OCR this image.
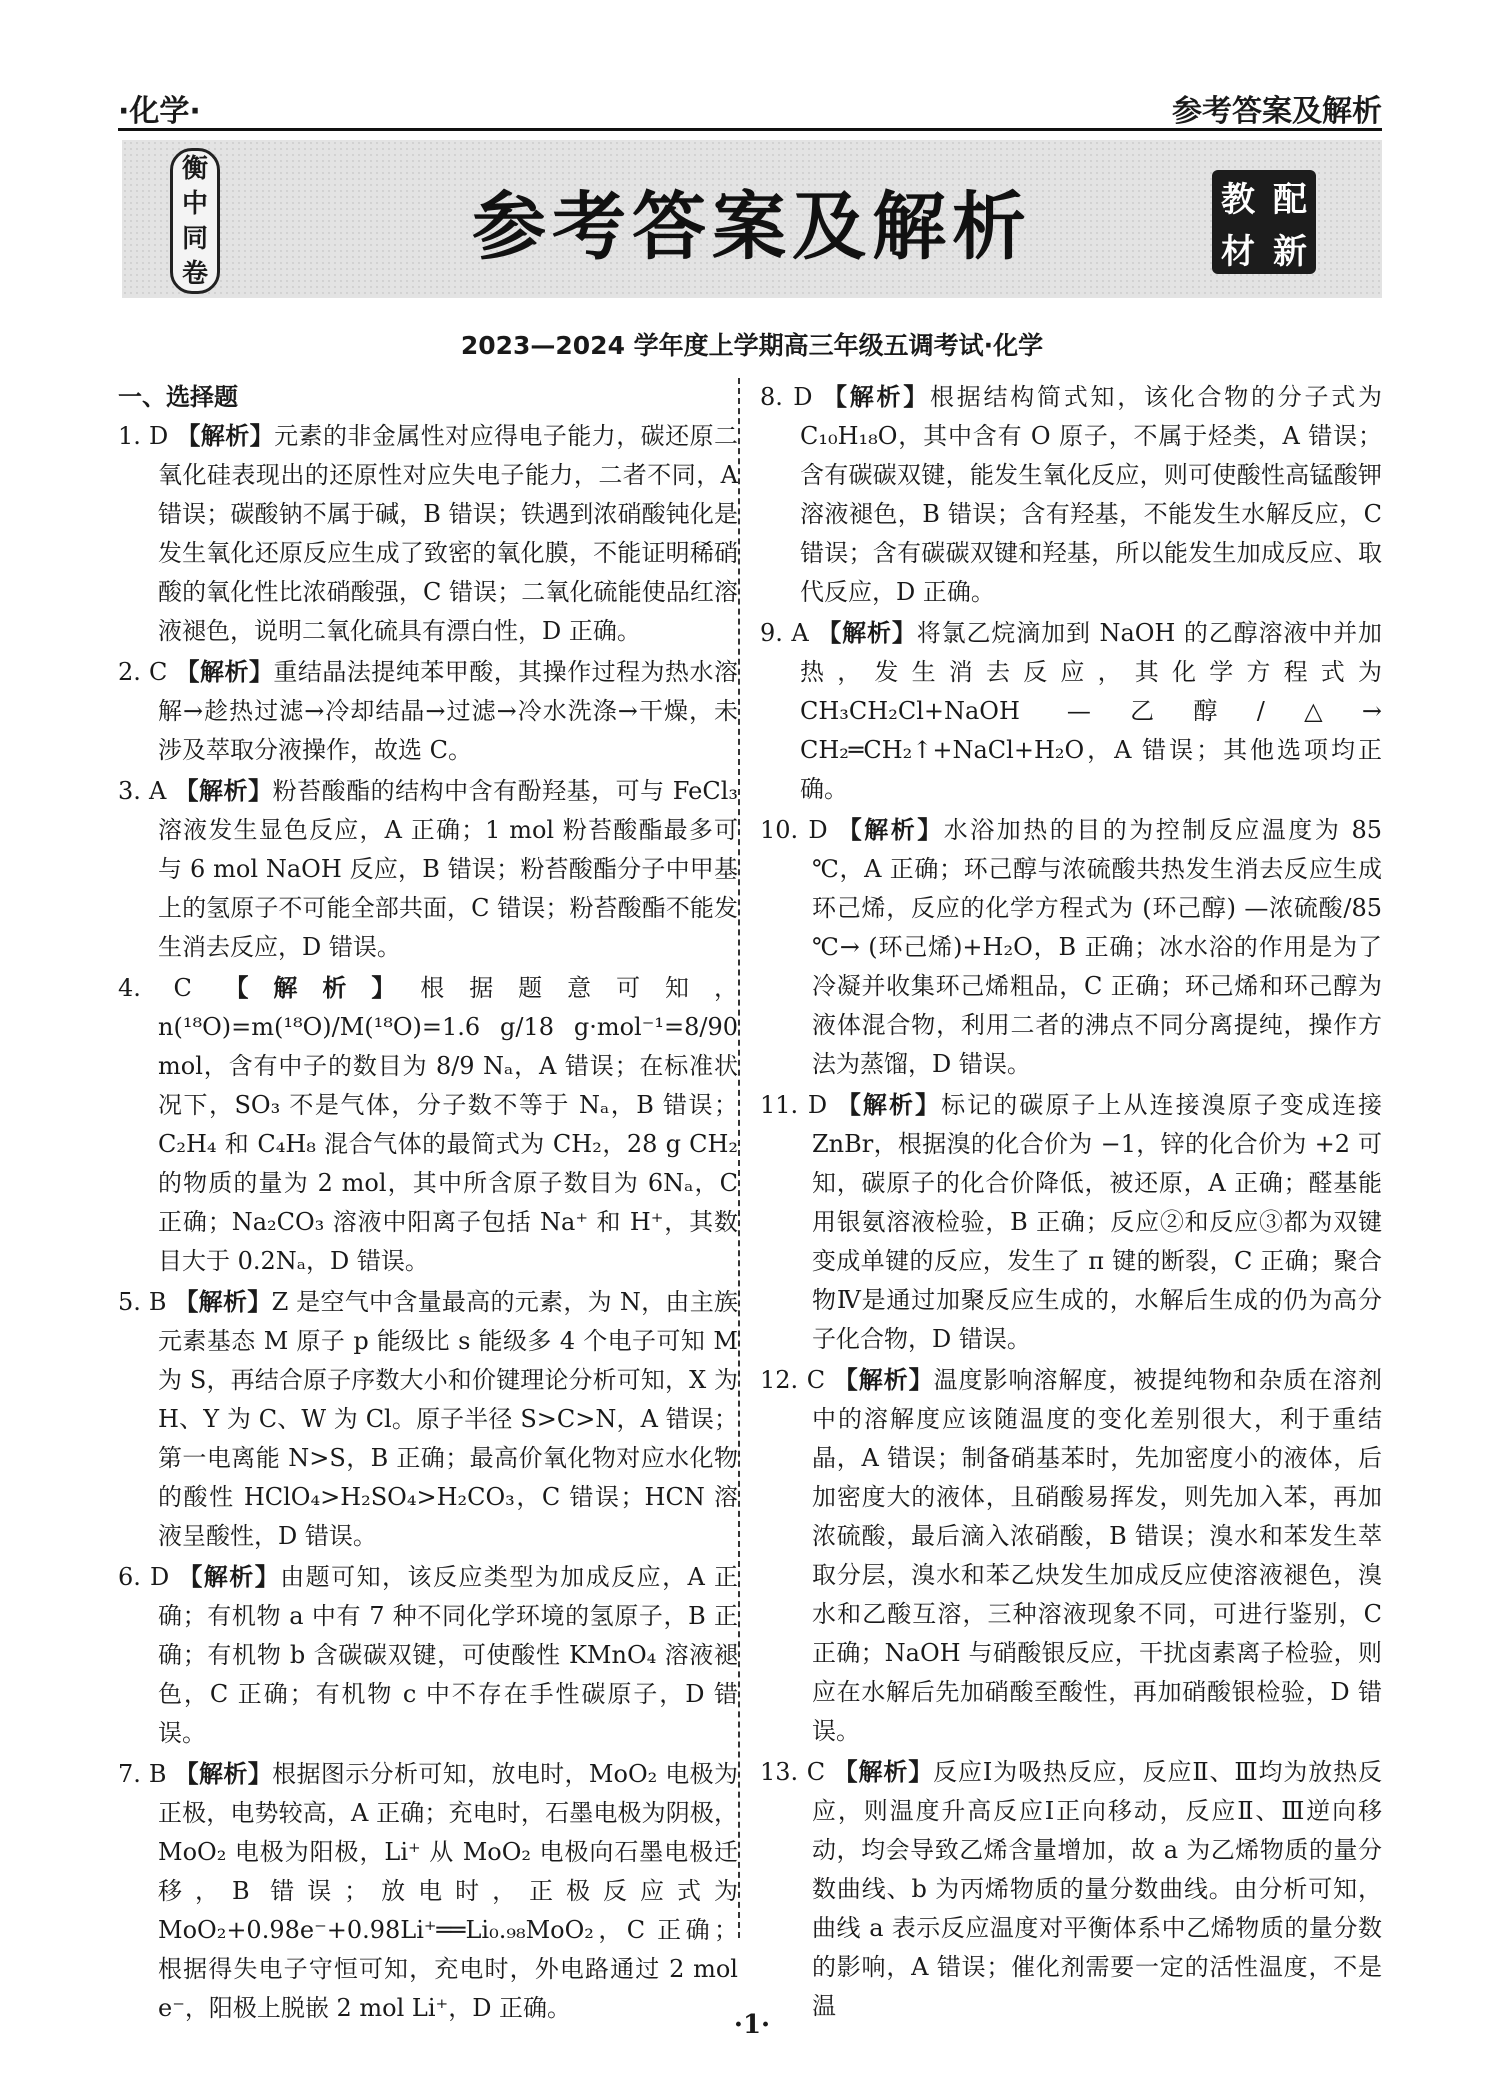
·化学·	参考答案及解析
衡
中
同
卷
参考答案及解析	教 配
材 新
2023—2024 学年度上学期高三年级五调考试·化学

一、选择题

1. D 【解析】元素的非金属性对应得电子能力，碳还原二氧化硅表现出的还原性对应失电子能力，二者不同，A 错误；碳酸钠不属于碱，B 错误；铁遇到浓硝酸钝化是发生氧化还原反应生成了致密的氧化膜，不能证明稀硝酸的氧化性比浓硝酸强，C 错误；二氧化硫能使品红溶液褪色，说明二氧化硫具有漂白性，D 正确。

2. C 【解析】重结晶法提纯苯甲酸，其操作过程为热水溶解→趁热过滤→冷却结晶→过滤→冷水洗涤→干燥，未涉及萃取分液操作，故选 C。

3. A 【解析】粉苔酸酯的结构中含有酚羟基，可与 FeCl₃ 溶液发生显色反应，A 正确；1 mol 粉苔酸酯最多可与 6 mol NaOH 反应，B 错误；粉苔酸酯分子中甲基上的氢原子不可能全部共面，C 错误；粉苔酸酯不能发生消去反应，D 错误。

4. C 【解析】根据题意可知，n(¹⁸O)=m(¹⁸O)/M(¹⁸O)=1.6 g/18 g·mol⁻¹=8/90 mol，含有中子的数目为 8/9 Nₐ，A 错误；在标准状况下，SO₃ 不是气体，分子数不等于 Nₐ，B 错误；C₂H₄ 和 C₄H₈ 混合气体的最简式为 CH₂，28 g CH₂ 的物质的量为 2 mol，其中所含原子数目为 6Nₐ，C 正确；Na₂CO₃ 溶液中阳离子包括 Na⁺ 和 H⁺，其数目大于 0.2Nₐ，D 错误。

5. B 【解析】Z 是空气中含量最高的元素，为 N，由主族元素基态 M 原子 p 能级比 s 能级多 4 个电子可知 M 为 S，再结合原子序数大小和价键理论分析可知，X 为 H、Y 为 C、W 为 Cl。原子半径 S>C>N，A 错误；第一电离能 N>S，B 正确；最高价氧化物对应水化物的酸性 HClO₄>H₂SO₄>H₂CO₃，C 错误；HCN 溶液呈酸性，D 错误。

6. D 【解析】由题可知，该反应类型为加成反应，A 正确；有机物 a 中有 7 种不同化学环境的氢原子，B 正确；有机物 b 含碳碳双键，可使酸性 KMnO₄ 溶液褪色，C 正确；有机物 c 中不存在手性碳原子，D 错误。

7. B 【解析】根据图示分析可知，放电时，MoO₂ 电极为正极，电势较高，A 正确；充电时，石墨电极为阴极，MoO₂ 电极为阳极，Li⁺ 从 MoO₂ 电极向石墨电极迁移，B 错误；放电时，正极反应式为 MoO₂+0.98e⁻+0.98Li⁺══Li₀.₉₈MoO₂，C 正确；根据得失电子守恒可知，充电时，外电路通过 2 mol e⁻，阳极上脱嵌 2 mol Li⁺，D 正确。

8. D 【解析】根据结构简式知，该化合物的分子式为 C₁₀H₁₈O，其中含有 O 原子，不属于烃类，A 错误；含有碳碳双键，能发生氧化反应，则可使酸性高锰酸钾溶液褪色，B 错误；含有羟基，不能发生水解反应，C 错误；含有碳碳双键和羟基，所以能发生加成反应、取代反应，D 正确。

9. A 【解析】将氯乙烷滴加到 NaOH 的乙醇溶液中并加热，发生消去反应，其化学方程式为 CH₃CH₂Cl+NaOH —乙醇/△→ CH₂═CH₂↑+NaCl+H₂O，A 错误；其他选项均正确。

10. D 【解析】水浴加热的目的为控制反应温度为 85 ℃，A 正确；环己醇与浓硫酸共热发生消去反应生成环己烯，反应的化学方程式为 (环己醇) —浓硫酸/85 ℃→ (环己烯)+H₂O，B 正确；冰水浴的作用是为了冷凝并收集环己烯粗品，C 正确；环己烯和环己醇为液体混合物，利用二者的沸点不同分离提纯，操作方法为蒸馏，D 错误。

11. D 【解析】标记的碳原子上从连接溴原子变成连接 ZnBr，根据溴的化合价为 −1，锌的化合价为 +2 可知，碳原子的化合价降低，被还原，A 正确；醛基能用银氨溶液检验，B 正确；反应②和反应③都为双键变成单键的反应，发生了 π 键的断裂，C 正确；聚合物Ⅳ是通过加聚反应生成的，水解后生成的仍为高分子化合物，D 错误。

12. C 【解析】温度影响溶解度，被提纯物和杂质在溶剂中的溶解度应该随温度的变化差别很大，利于重结晶，A 错误；制备硝基苯时，先加密度小的液体，后加密度大的液体，且硝酸易挥发，则先加入苯，再加浓硫酸，最后滴入浓硝酸，B 错误；溴水和苯发生萃取分层，溴水和苯乙炔发生加成反应使溶液褪色，溴水和乙酸互溶，三种溶液现象不同，可进行鉴别，C 正确；NaOH 与硝酸银反应，干扰卤素离子检验，则应在水解后先加硝酸至酸性，再加硝酸银检验，D 错误。

13. C 【解析】反应Ⅰ为吸热反应，反应Ⅱ、Ⅲ均为放热反应，则温度升高反应Ⅰ正向移动，反应Ⅱ、Ⅲ逆向移动，均会导致乙烯含量增加，故 a 为乙烯物质的量分数曲线、b 为丙烯物质的量分数曲线。由分析可知，曲线 a 表示反应温度对平衡体系中乙烯物质的量分数的影响，A 错误；催化剂需要一定的活性温度，不是温

·1·
